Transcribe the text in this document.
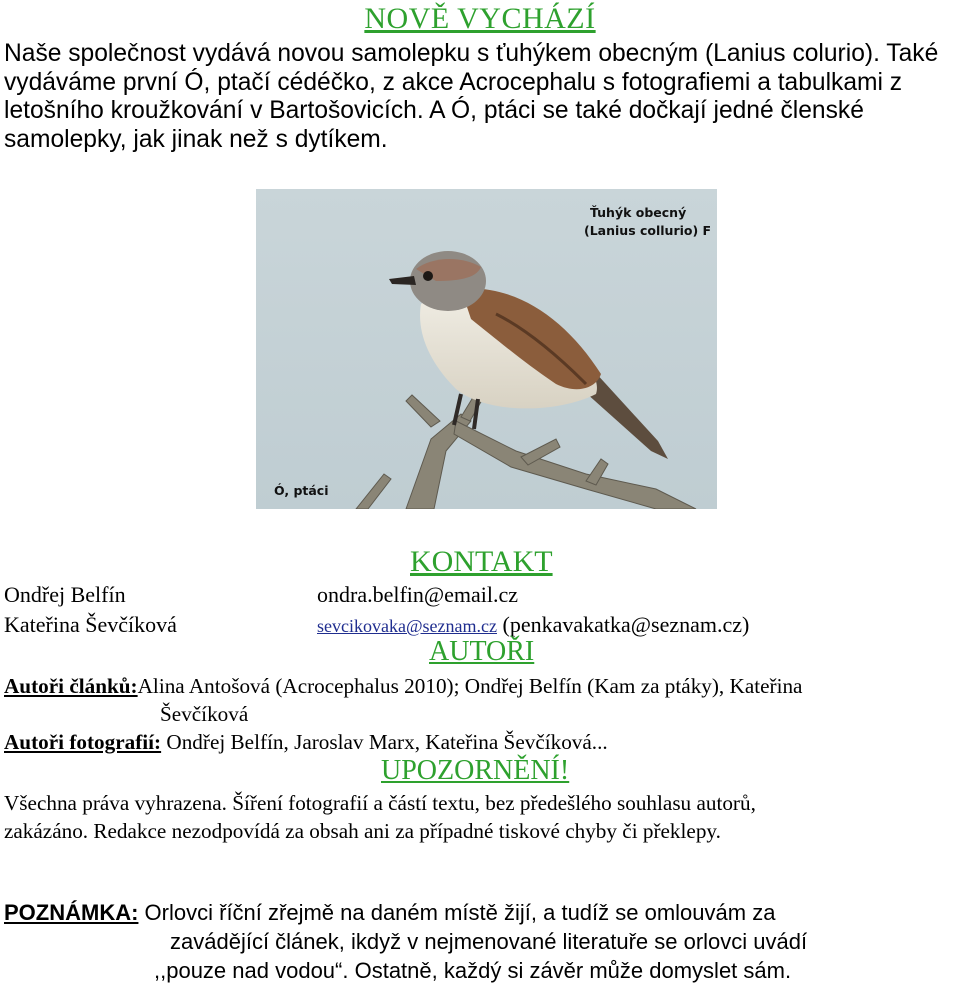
NOVĚ VYCHÁZÍ
Naše společnost vydává novou samolepku s ťuhýkem obecným (Lanius colurio). Také
vydáváme první Ó, ptačí cédéčko, z akce Acrocephalu s fotografiemi a tabulkami z
letošního kroužkování v Bartošovicích. A Ó, ptáci se také dočkají jedné členské
samolepky, jak jinak než s dytíkem.
Ťuhýk obecný
(Lanius collurio) F
Ó, ptáci
KONTAKT
Ondřej Belfín	ondra.belfin@email.cz
Kateřina Ševčíková	sevcikovaka@seznam.cz (penkavakatka@seznam.cz)
AUTOŘI
Autoři článků:Alina Antošová (Acrocephalus 2010); Ondřej Belfín (Kam za ptáky), Kateřina
Ševčíková
Autoři fotografií: Ondřej Belfín, Jaroslav Marx, Kateřina Ševčíková...
UPOZORNĚNÍ!
Všechna práva vyhrazena. Šíření fotografií a částí textu, bez předešlého souhlasu autorů,
zakázáno. Redakce nezodpovídá za obsah ani za případné tiskové chyby či překlepy.
POZNÁMKA: Orlovci říční zřejmě na daném místě žijí, a tudíž se omlouvám za
zavádějící článek, ikdyž v nejmenované literatuře se orlovci uvádí
,,pouze nad vodou“. Ostatně, každý si závěr může domyslet sám.
